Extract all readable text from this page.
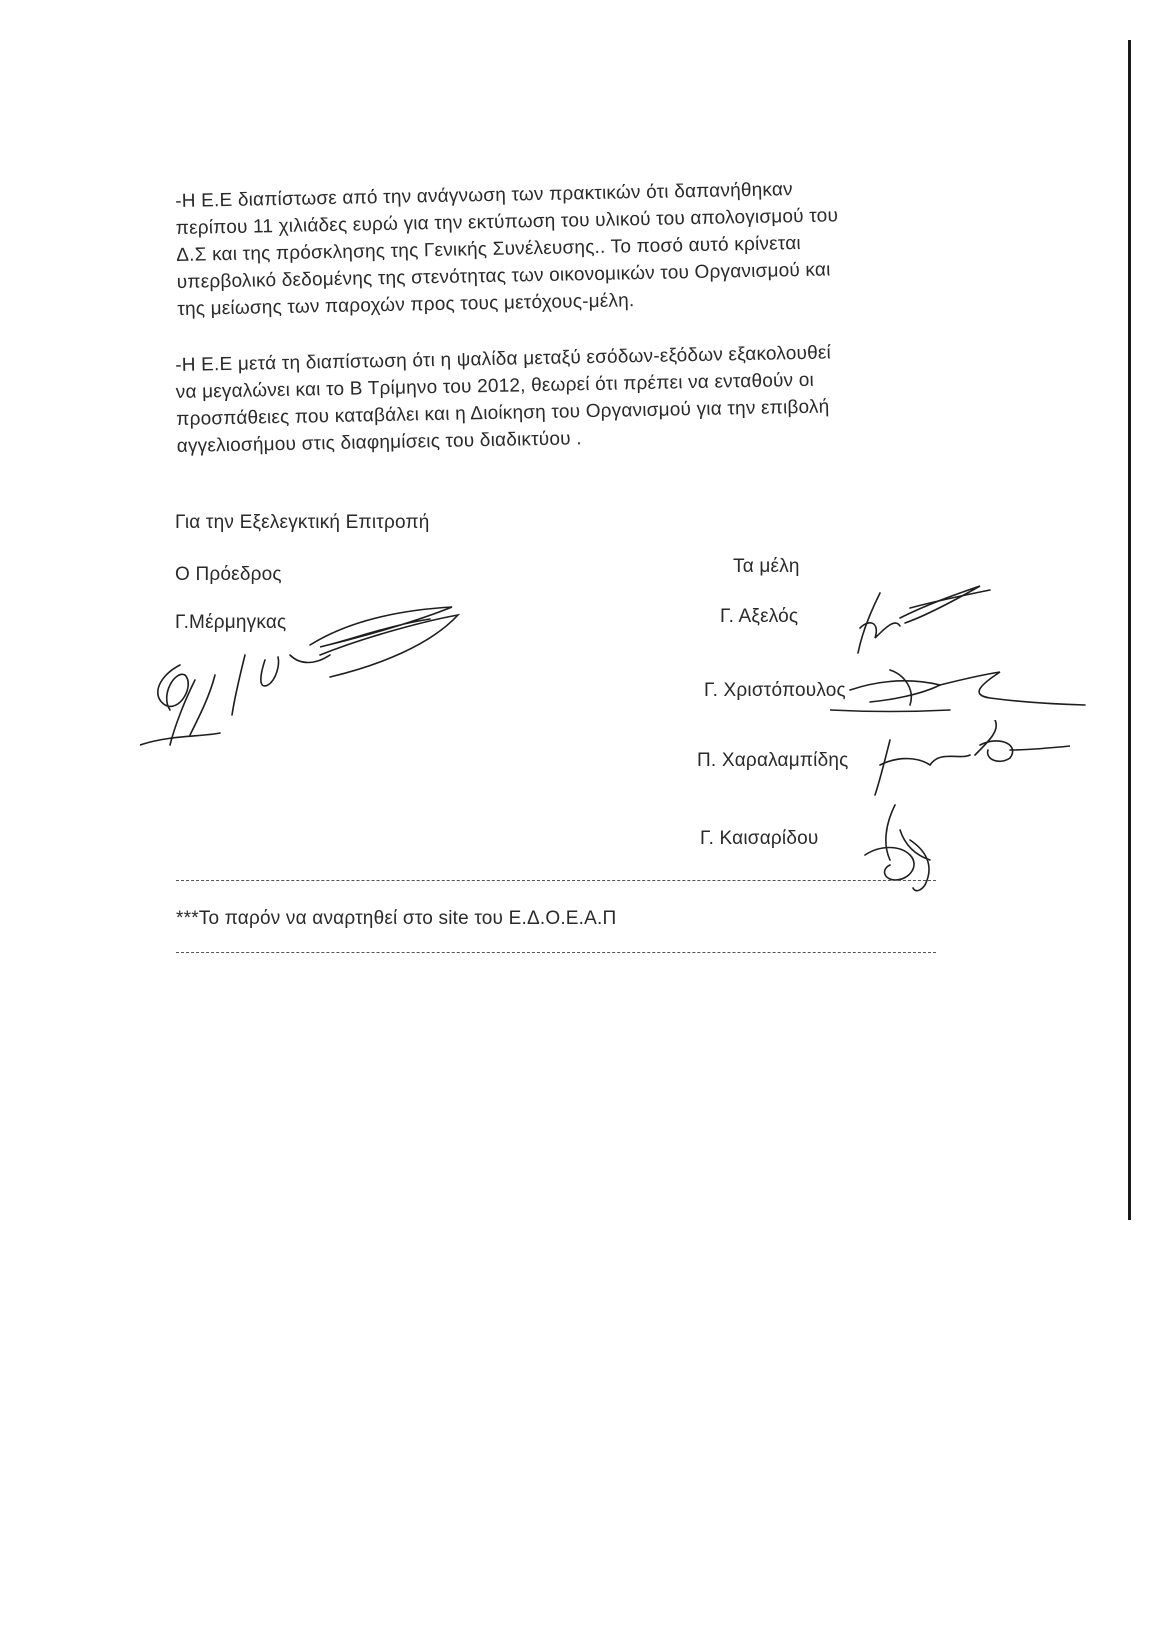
-Η Ε.Ε διαπίστωσε από την ανάγνωση των πρακτικών ότι δαπανήθηκαν

περίπου 11 χιλιάδες ευρώ για την εκτύπωση του υλικού του απολογισμού του

Δ.Σ και της πρόσκλησης της Γενικής Συνέλευσης.. Το ποσό αυτό κρίνεται

υπερβολικό δεδομένης της στενότητας των οικονομικών του Οργανισμού και

της μείωσης των παροχών προς τους μετόχους-μέλη.

-Η Ε.Ε μετά τη διαπίστωση ότι η ψαλίδα μεταξύ εσόδων-εξόδων εξακολουθεί

να μεγαλώνει και το Β Τρίμηνο του 2012, θεωρεί ότι πρέπει να ενταθούν οι

προσπάθειες που καταβάλει και η Διοίκηση του Οργανισμού για την επιβολή

αγγελιοσήμου στις διαφημίσεις του διαδικτύου .

Για την Εξελεγκτική Επιτροπή
Ο Πρόεδρος
Γ.Μέρμηγκας
Τα μέλη
Γ. Αξελός
Γ. Χριστόπουλος
Π. Χαραλαμπίδης
Γ. Καισαρίδου
***Το παρόν να αναρτηθεί στο site του Ε.Δ.Ο.Ε.Α.Π
